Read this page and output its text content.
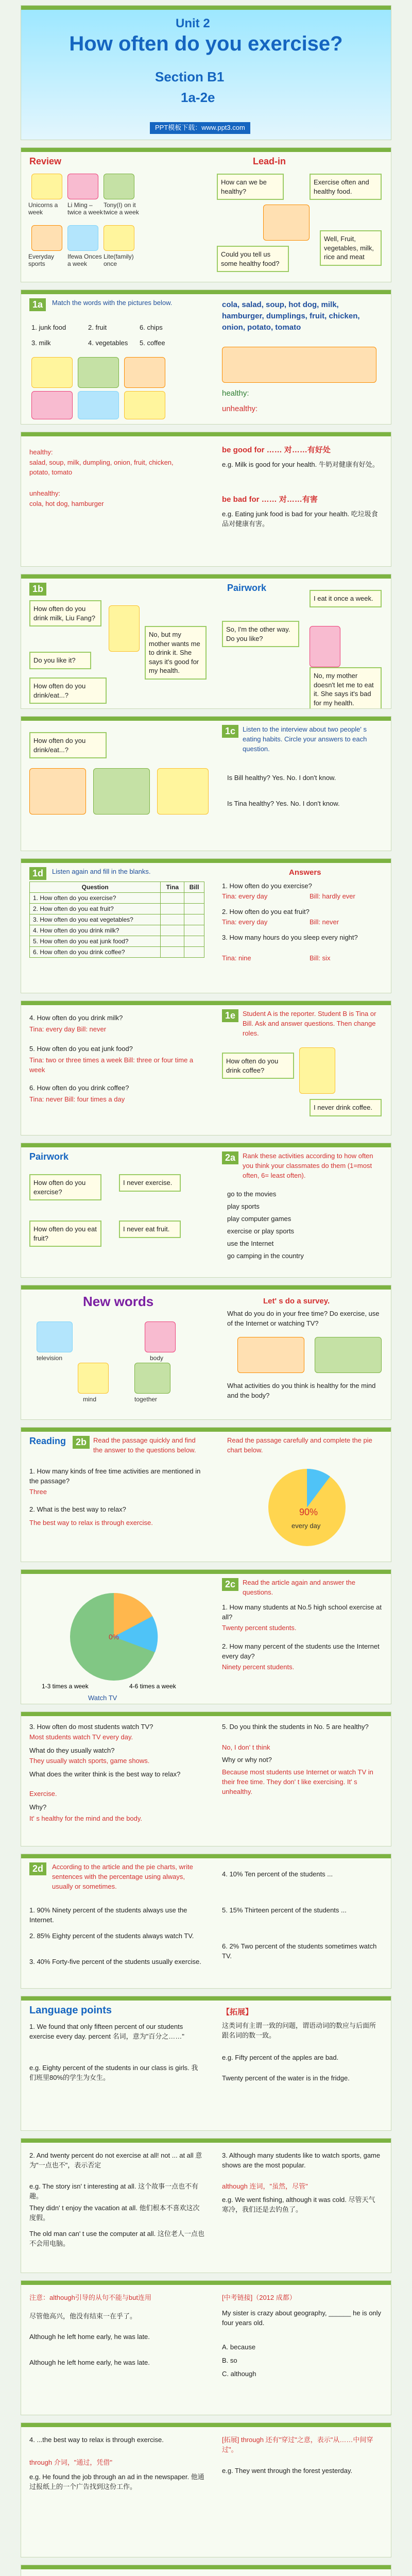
Unit 2
How often do you exercise?
Section B1
1a-2e
PPT模板下载：www.ppt3.com
Review
Unicorns a week
Li Ming – twice a week
Tony(I) on it twice a week
Everyday sports
Ifewa Onces a week
Lite(family) once
Lead-in
How can we be healthy?
Exercise often and healthy food.
Could you tell us some healthy food?
Well, Fruit, vegetables, milk, rice and meat
1a	Match the words with the pictures below.
1. junk food	2. fruit	6. chips
3. milk	4. vegetables 5. coffee
cola, salad, soup, hot dog, milk, hamburger, dumplings, fruit, chicken, onion, potato, tomato
healthy:
unhealthy:
healthy:
salad, soup, milk, dumpling, onion, fruit, chicken, potato, tomato
unhealthy:
cola, hot dog, hamburger
be good for …… 对……有好处
e.g. Milk is good for your health. 牛奶对健康有好处。
be bad for …… 对……有害
e.g. Eating junk food is bad for your health. 吃垃圾食品对健康有害。
1b
How often do you drink milk, Liu Fang?
No, but my mother wants me to drink it. She says it's good for my health.
Do you like it?
How often do you drink/eat...?
Pairwork
I eat it once a week.
So, I'm the other way. Do you like?
No, my mother doesn't let me to eat it. She says it's bad for my health.
How often do you drink/eat...?
1c	Listen to the interview about two people' s eating habits. Circle your answers to each question.
Is Bill healthy? Yes. No. I don't know.
Is Tina healthy? Yes. No. I don't know.
1d	Listen again and fill in the blanks.
Question	Tina	Bill
1. How often do you exercise?		
2. How often do you eat fruit?		
3. How often do you eat vegetables?		
4. How often do you drink milk?		
5. How often do you eat junk food?		
6. How often do you drink coffee?		
Answers
1. How often do you exercise?
Tina: every day	Bill: hardly ever
2. How often do you eat fruit?
Tina: every day	Bill: never
3. How many hours do you sleep every night?
Tina: nine	Bill: six
4. How often do you drink milk?
Tina: every day Bill: never
5. How often do you eat junk food?
Tina: two or three times a week Bill: three or four time a week
6. How often do you drink coffee?
Tina: never Bill: four times a day
1e	Student A is the reporter. Student B is Tina or Bill. Ask and answer questions. Then change roles.
How often do you drink coffee?
I never drink coffee.
Pairwork
How often do you exercise?
I never exercise.
How often do you eat fruit?
I never eat fruit.
2a	Rank these activities according to how often you think your classmates do them (1=most often, 6= least often).
go to the movies
play sports
play computer games
exercise or play sports
use the Internet
go camping in the country
New words
television	body
mind	together
Let' s do a survey.
What do you do in your free time? Do exercise, use of the Internet or watching TV?
What activities do you think is healthy for the mind and the body?
Reading	2b Read the passage quickly and find the answer to the questions below.
1. How many kinds of free time activities are mentioned in the passage?
Three
2. What is the best way to relax?
The best way to relax is through exercise.
Read the passage carefully and complete the pie chart below.
90%
every day
1-3 times a week	4-6 times a week
0%
2c	Read the article again and answer the questions.
1. How many students at No.5 high school exercise at all?
Twenty percent students.
2. How many percent of the students use the Internet every day?
Ninety percent students.
Watch TV
3. How often do most students watch TV?
Most students watch TV every day.
What do they usually watch?
They usually watch sports, game shows.
What does the writer think is the best way to relax?
Exercise.
Why?
It' s healthy for the mind and the body.
5. Do you think the students in No. 5 are healthy?
No, I don' t think
Why or why not?
Because most students use Internet or watch TV in their free time. They don' t like exercising. It' s unhealthy.
2d	According to the article and the pie charts, write sentences with the percentage using always, usually or sometimes.
1. 90% Ninety percent of the students always use the Internet.
2. 85% Eighty percent of the students always watch TV.
3. 40% Forty-five percent of the students usually exercise.
4. 10% Ten percent of the students ...
5. 15% Thirteen percent of the students ...
6. 2% Two percent of the students sometimes watch TV.
Language points
1. We found that only fifteen percent of our students exercise every day. percent 名词，意为"百分之……"
e.g. Eighty percent of the students in our class is girls. 我们班里80%的学生为女生。
【拓展】
这类词有主谓一致的问题，谓语动词的数应与后面所跟名词的数一致。
e.g. Fifty percent of the apples are bad.
Twenty percent of the water is in the fridge.
2. And twenty percent do not exercise at all! not ... at all 意为"一点也不"，表示否定
e.g. The story isn' t interesting at all. 这个故事一点也不有趣。
They didn' t enjoy the vacation at all. 他们根本不喜欢这次度假。
The old man can' t use the computer at all. 这位老人一点也不会用电脑。
3. Although many students like to watch sports, game shows are the most popular.
although 连词，"虽然，尽管"
e.g. We went fishing, although it was cold. 尽管天气寒冷，我们还是去钓鱼了。
注意：although引导的从句不能与but连用
尽管他高兴，他没有结束一在乎了。
Although he left home early, he was late.
Although he left home early, he was late.
[中考链接]（2012 成都）
My sister is crazy about geography, ______ he is only four years old.
A. because
B. so
C. although
4. ...the best way to relax is through exercise.
through 介词，"通过，凭借"
e.g. He found the job through an ad in the newspaper. 他通过报纸上的一个广告找到这份工作。
[拓展] through 还有"穿过"之意，表示"从……中间穿过"。
e.g. They went through the forest yesterday.
